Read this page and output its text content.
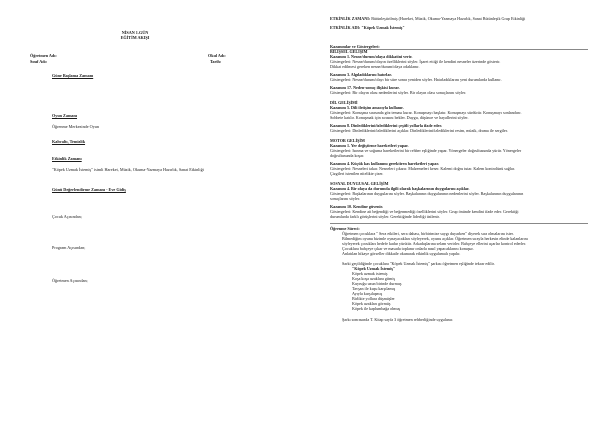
NİSAN 1.GÜN

EĞİTİM AKIŞI

Öğretmen Adı:

Sınıf Adı:

Okul Adı:

Tarih:

Güne Başlama Zamanı

Oyun Zamanı

Öğrenme Merkezinde Oyun

Kahvaltı, Temizlik

Etkinlik Zamanı

"Köpek Uzmak İstemiş" isimli Hareket, Müzik, Okuma-Yazmaya Hazırlık, Sanat Etkinliği

Günü Değerlendirme Zamanı - Eve Gidiş

Çocuk Açısından;

Program Açısından;

Öğretmen Açısından;

ETKİNLİK ZAMANI: Bütünleştirilmiş (Hareket, Müzik, Okuma-Yazmaya Hazırlık, Sanat Bütünleşik Grup Etkinliği

ETKİNLİK ADI: "Köpek Uzmak İstemiş"

Kazanımlar ve Göstergeleri:

BİLİŞSEL GELİŞİM

Kazanım 1. Nesne/durum/olaya dikkatini verir.

Göstergeleri: Nesne/durum/olayın özelliklerini söyler. İşaret ettiği ile kendini nesneler üzerinde gösterir.

Dikkat edilmesi gereken nesne/durum/olaya odaklanır.

Kazanım 3. Algıladıklarını hatırlar.

Göstergeleri: Nesne/durum/olayı bir süre sonra yeniden söyler. Hatırladıklarını yeni durumlarda kullanır.

Kazanım 17. Neden-sonuç ilişkisi kurar.

Göstergeleri: Bir olayın olası nedenlerini söyler. Bir olayın olası sonuçlarını söyler.

DİL GELİŞİMİ

Kazanım 5. Dili iletişim amacıyla kullanır.

Göstergeleri: Konuşma sırasında göz teması kurar. Konuşmayı başlatır. Konuşmayı sürdürür. Konuşmayı sonlandırır.

Sohbete katılır. Konuşmak için sırasını bekler. Duygu, düşünce ve hayallerini söyler.

Kazanım 8. Dinlediklerini/izlediklerini çeşitli yollarla ifade eder.

Göstergeleri: Dinlediklerini/izlediklerini açıklar. Dinlediklerini/izlediklerini resim, müzik, drama ile sergiler.

MOTOR GELİŞİM

Kazanım 1. Yer değiştirme hareketleri yapar.

Göstergeleri: Isınma ve soğuma hareketlerini bir rehber eşliğinde yapar. Yönergeler doğrultusunda yürür. Yönergeler

doğrultusunda koşar.

Kazanım 4. Küçük kas kullanımı gerektiren hareketleri yapar.

Göstergeleri: Nesneleri takar. Nesneleri çıkarır. Malzemeleri keser. Kalemi doğru tutar. Kalem kontrolünü sağlar.

Çizgileri istenilen nitelikte çizer.

SOSYAL DUYGUSAL GELİŞİM

Kazanım 4. Bir olaya da durumda ilgili olarak başkalarının duygularını açıklar.

Göstergeleri: Başkalarının duygularını söyler. Başkalarının duygularının nedenlerini söyler. Başkalarının duygularının

sonuçlarını söyler.

Kazanım 10. Kendine güvenir.

Göstergeleri: Kendine ait beğendiği ve beğenmediği özelliklerini söyler. Grup önünde kendini ifade eder. Gerektiği

durumlarda farklı görüşlerini söyler. Gerektiğinde liderliği üstlenir.

Öğrenme Süreci:

Öğretmen çocuklara " Sera etkileri, sera dahası, birbirimize saygı duyarken" diyerek sıra olmalarını ister.

Bilmediğim oyunu bizimle oynayacakları söyleyerek, oyunu açıklar. Öğretmen sırayla herkesin elinde kalanlarını

söyleyerek çocukları hedefe kadar yürütür. Arkadaşlarına selam verirler. Bahçeye ellerini açarlar kontrol ederler.

Çocuklara bahçeye çıkar ve masada toplanır onlarla nasıl yapacaklarını konuşur.

Anlatılan hikaye görseller dikkatle okunarak etkinlik uygulamalı yapılır.

Sarki geçildiğinde çocuklara "Köpek Uzmak İstemiş" şarkısı öğretmen eşliğinde tekrar edilir.

"Köpek Uzmak İstemiş"

Köpek uzmak istemiş

Koşa koşa uzaklara gitmiş

Kuyruğu uzun birinde durmuş

Tavşan ile kuşu karşılamış

Ayıyla karşılaşmış

Birlikte yollara düşmüşler

Köpek uzakları görmüş

Köpek ile kaplumbağa olmuş

Şarkı sonrasında T. Kitap sayfa 3 öğretmen rehberliğinde uygulanır.
